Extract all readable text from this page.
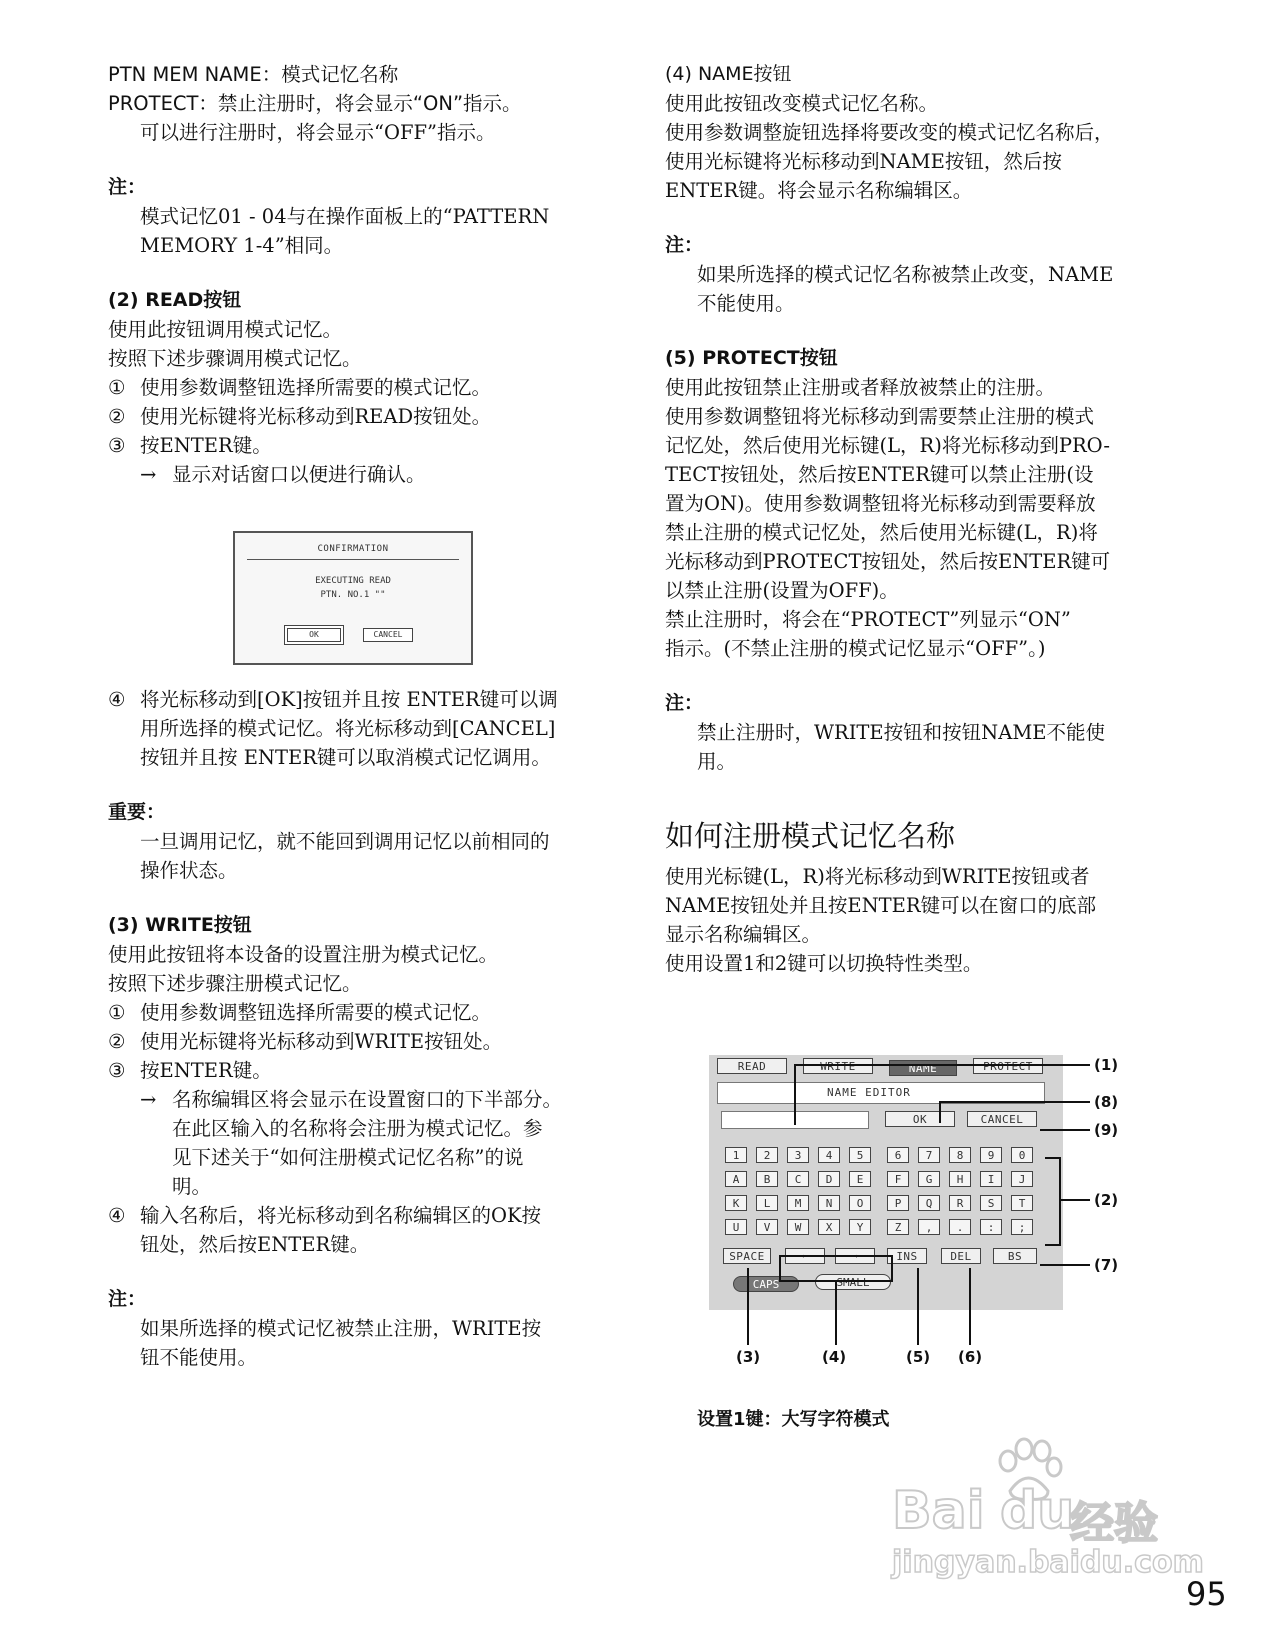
PTN MEM NAME：模式记忆名称

PROTECT：禁止注册时，将会显示“ON”指示。

可以进行注册时，将会显示“OFF”指示。

注：

模式记忆01 - 04与在操作面板上的“PATTERN

MEMORY 1-4”相同。

(2) READ按钮

使用此按钮调用模式记忆。

按照下述步骤调用模式记忆。

① 使用参数调整钮选择所需要的模式记忆。

② 使用光标键将光标移动到READ按钮处。

③ 按ENTER键。

→ 显示对话窗口以便进行确认。

④ 将光标移动到[OK]按钮并且按 ENTER键可以调

用所选择的模式记忆。将光标移动到[CANCEL]

按钮并且按 ENTER键可以取消模式记忆调用。

重要：

一旦调用记忆，就不能回到调用记忆以前相同的

操作状态。

(3) WRITE按钮

使用此按钮将本设备的设置注册为模式记忆。

按照下述步骤注册模式记忆。

① 使用参数调整钮选择所需要的模式记忆。

② 使用光标键将光标移动到WRITE按钮处。

③ 按ENTER键。

→ 名称编辑区将会显示在设置窗口的下半部分。

在此区输入的名称将会注册为模式记忆。参

见下述关于“如何注册模式记忆名称”的说

明。

④ 输入名称后，将光标移动到名称编辑区的OK按

钮处，然后按ENTER键。

注：

如果所选择的模式记忆被禁止注册，WRITE按

钮不能使用。

CONFIRMATION
EXECUTING READ
PTN. NO.1 ""
OK	CANCEL

(4) NAME按钮

使用此按钮改变模式记忆名称。

使用参数调整旋钮选择将要改变的模式记忆名称后，

使用光标键将光标移动到NAME按钮，然后按

ENTER键。将会显示名称编辑区。

注：

如果所选择的模式记忆名称被禁止改变，NAME

不能使用。

(5) PROTECT按钮

使用此按钮禁止注册或者释放被禁止的注册。

使用参数调整钮将光标移动到需要禁止注册的模式

记忆处，然后使用光标键(L，R)将光标移动到PRO-

TECT按钮处，然后按ENTER键可以禁止注册(设

置为ON)。使用参数调整钮将光标移动到需要释放

禁止注册的模式记忆处，然后使用光标键(L，R)将

光标移动到PROTECT按钮处，然后按ENTER键可

以禁止注册(设置为OFF)。

禁止注册时，将会在“PROTECT”列显示“ON”

指示。(不禁止注册的模式记忆显示“OFF”。)

注：

禁止注册时，WRITE按钮和按钮NAME不能使

用。

如何注册模式记忆名称

使用光标键(L，R)将光标移动到WRITE按钮或者

NAME按钮处并且按ENTER键可以在窗口的底部

显示名称编辑区。

使用设置1和2键可以切换特性类型。

READ	WRITE	NAME	PROTECT
NAME EDITOR
OK	CANCEL
1	2	3	4	5
A	B	C	D	E
K	L	M	N	O
U	V	W	X	Y
6	7	8	9	0
F	G	H	I	J
P	Q	R	S	T
Z	,	.	:	;
SPACE	⬅	➡	INS	DEL	BS
CAPS	SMALL
(1)
(8)
(9)
(2)
(7)
(3)	(4)	(5) (6)
设置1键：大写字符模式
Bai du
经验
jingyan.baidu.com
95
